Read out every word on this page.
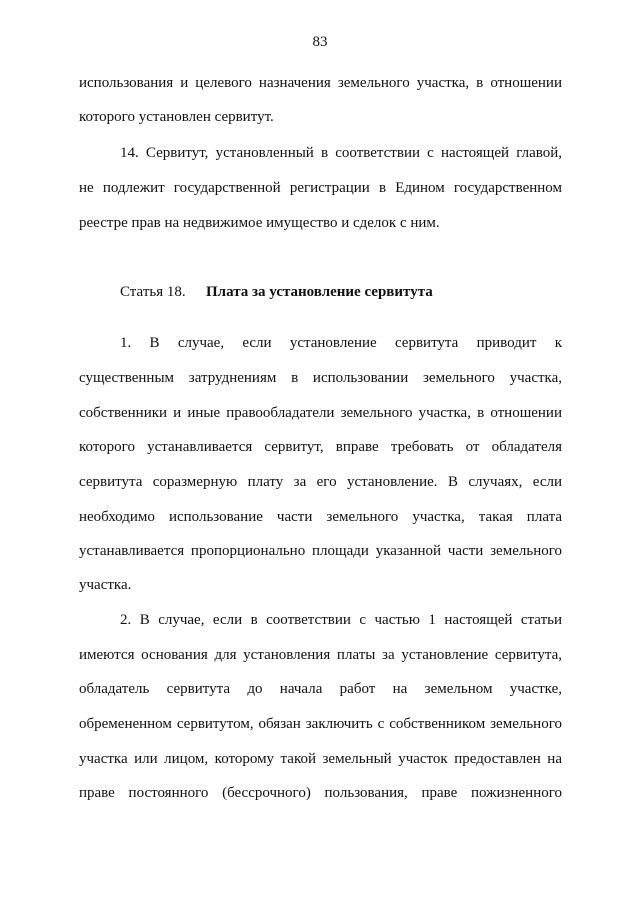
83
использования и целевого назначения земельного участка, в отношении
которого установлен сервитут.
14. Сервитут, установленный в соответствии с настоящей главой,
не подлежит государственной регистрации в Едином государственном
реестре прав на недвижимое имущество и сделок с ним.
Статья 18. Плата за установление сервитута
1. В случае, если установление сервитута приводит к
существенным затруднениям в использовании земельного участка,
собственники и иные правообладатели земельного участка, в отношении
которого устанавливается сервитут, вправе требовать от обладателя
сервитута соразмерную плату за его установление. В случаях, если
необходимо использование части земельного участка, такая плата
устанавливается пропорционально площади указанной части земельного
участка.
2. В случае, если в соответствии с частью 1 настоящей статьи
имеются основания для установления платы за установление сервитута,
обладатель сервитута до начала работ на земельном участке,
обремененном сервитутом, обязан заключить с собственником земельного
участка или лицом, которому такой земельный участок предоставлен на
праве постоянного (бессрочного) пользования, праве пожизненного
